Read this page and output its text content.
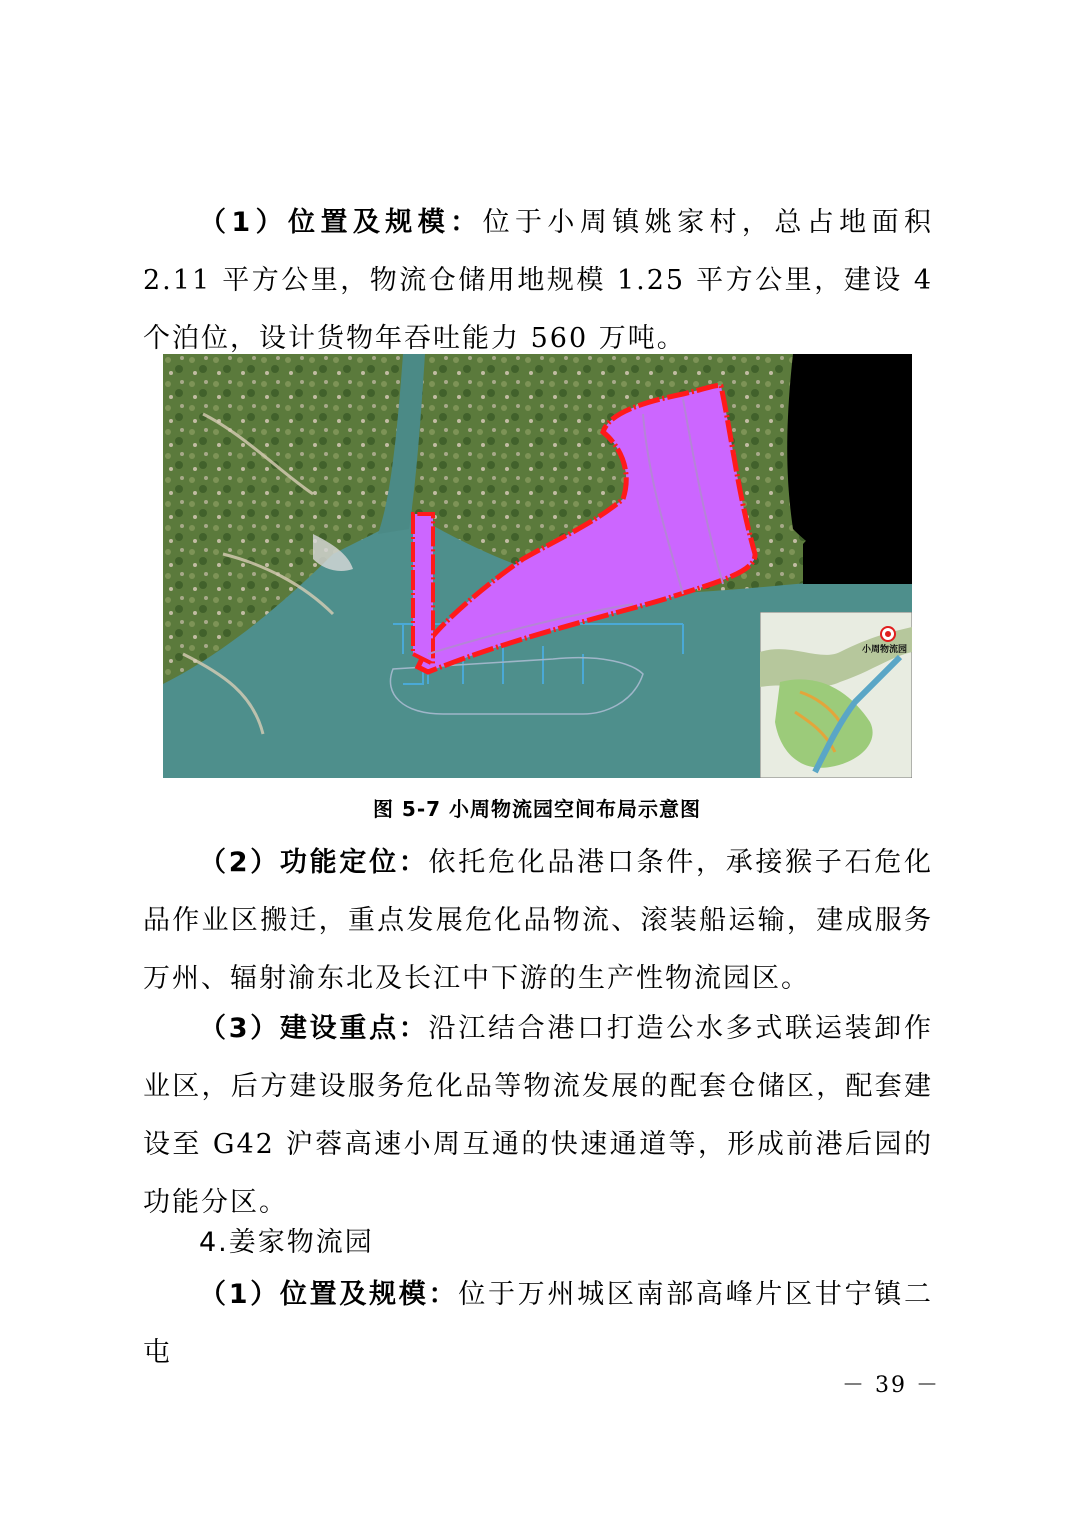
（1）位置及规模：位于小周镇姚家村，总占地面积 2.11 平方公里，物流仓储用地规模 1.25 平方公里，建设 4 个泊位，设计货物年吞吐能力 560 万吨。

小周物流园
图 5-7 小周物流园空间布局示意图

（2）功能定位：依托危化品港口条件，承接猴子石危化品作业区搬迁，重点发展危化品物流、滚装船运输，建成服务万州、辐射渝东北及长江中下游的生产性物流园区。

（3）建设重点：沿江结合港口打造公水多式联运装卸作业区，后方建设服务危化品等物流发展的配套仓储区，配套建设至 G42 沪蓉高速小周互通的快速通道等，形成前港后园的功能分区。

4.姜家物流园

（1）位置及规模：位于万州城区南部高峰片区甘宁镇二屯

－ 39 －
